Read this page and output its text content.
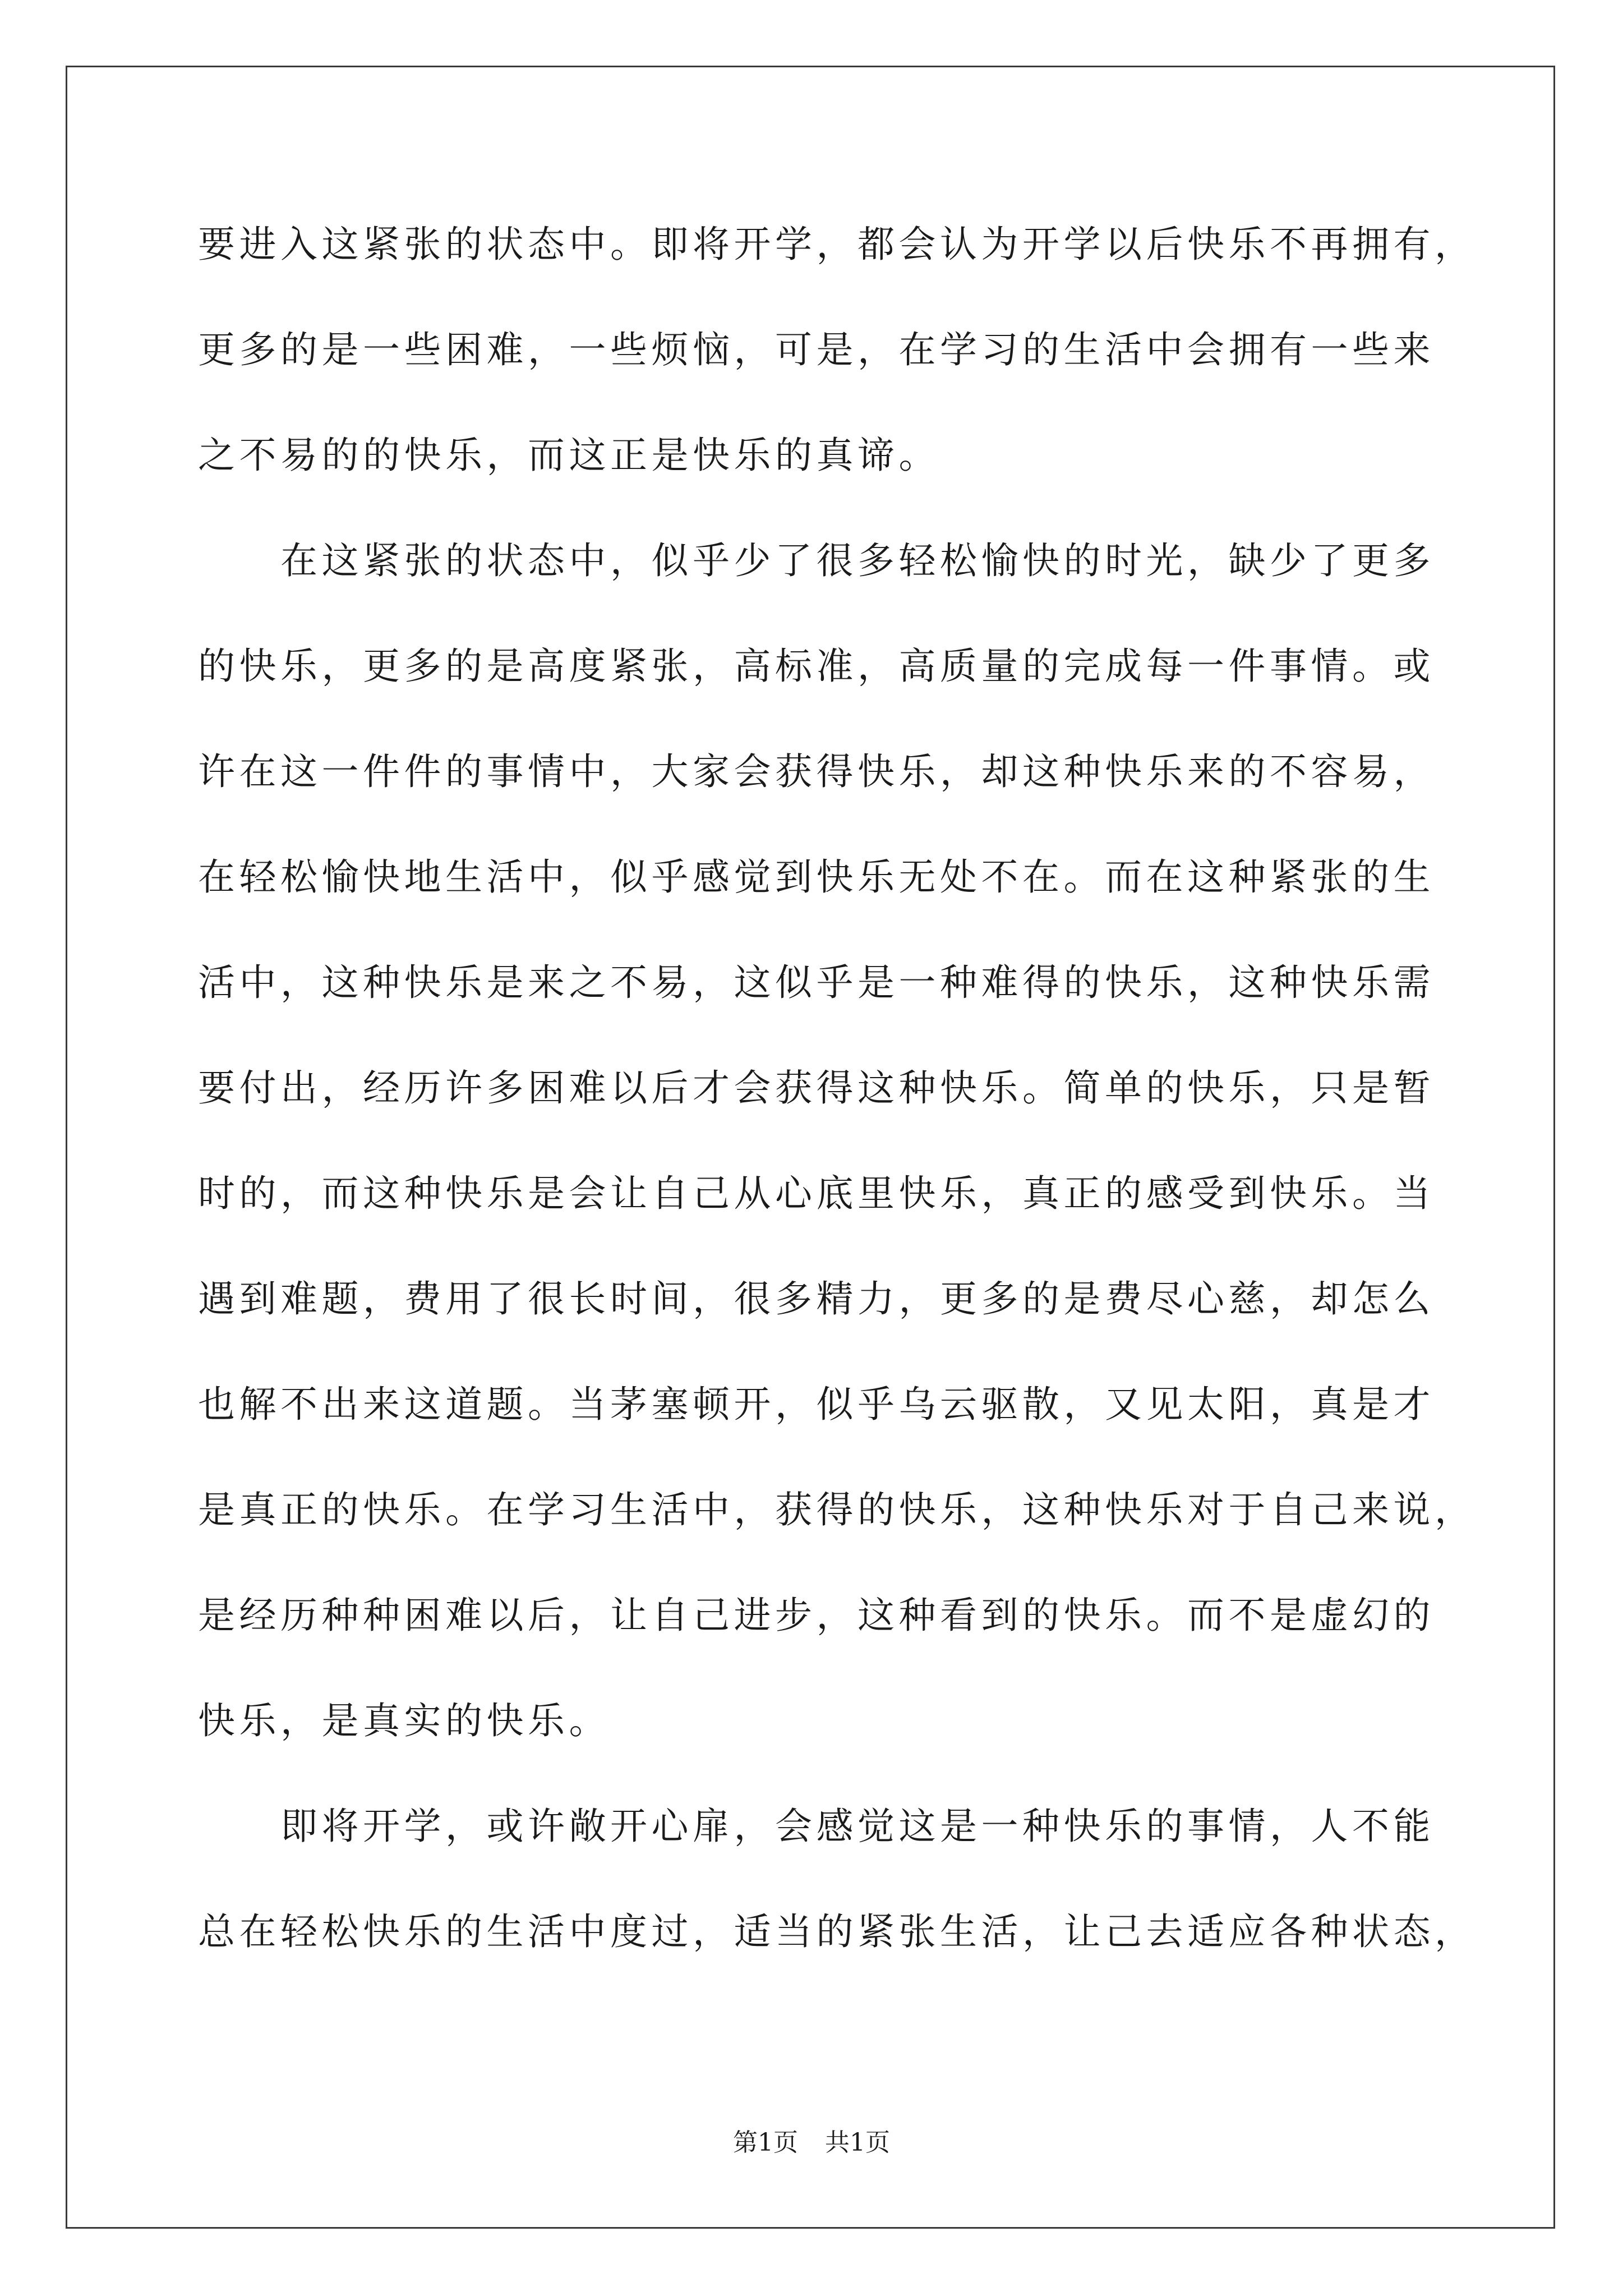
要进入这紧张的状态中。即将开学，都会认为开学以后快乐不再拥有，
更多的是一些困难，一些烦恼，可是，在学习的生活中会拥有一些来
之不易的的快乐，而这正是快乐的真谛。
在这紧张的状态中，似乎少了很多轻松愉快的时光，缺少了更多
的快乐，更多的是高度紧张，高标准，高质量的完成每一件事情。或
许在这一件件的事情中，大家会获得快乐，却这种快乐来的不容易，
在轻松愉快地生活中，似乎感觉到快乐无处不在。而在这种紧张的生
活中，这种快乐是来之不易，这似乎是一种难得的快乐，这种快乐需
要付出，经历许多困难以后才会获得这种快乐。简单的快乐，只是暂
时的，而这种快乐是会让自己从心底里快乐，真正的感受到快乐。当
遇到难题，费用了很长时间，很多精力，更多的是费尽心慈，却怎么
也解不出来这道题。当茅塞顿开，似乎乌云驱散，又见太阳，真是才
是真正的快乐。在学习生活中，获得的快乐，这种快乐对于自己来说，
是经历种种困难以后，让自己进步，这种看到的快乐。而不是虚幻的
快乐，是真实的快乐。
即将开学，或许敞开心扉，会感觉这是一种快乐的事情，人不能
总在轻松快乐的生活中度过，适当的紧张生活，让己去适应各种状态，
第1页 共1页
